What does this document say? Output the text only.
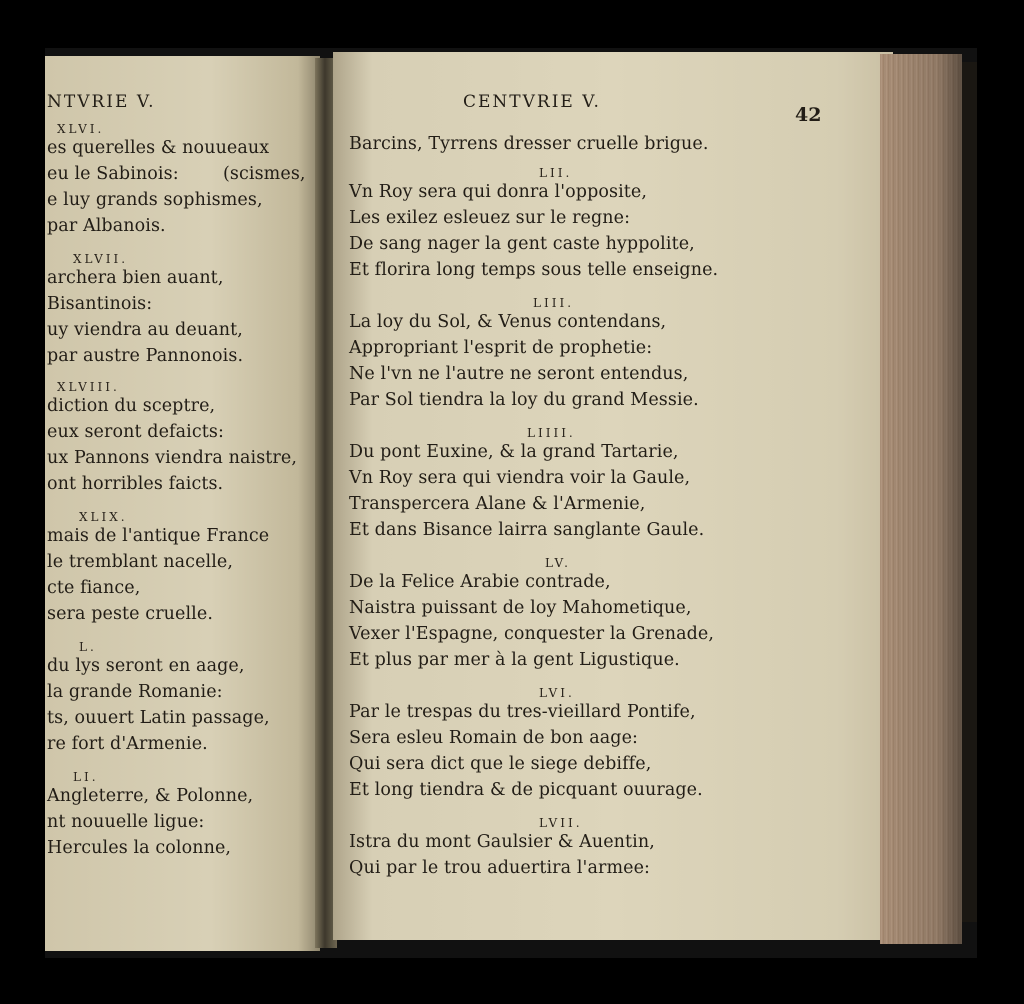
NTVRIE V.
XLVI.
es querelles & nouueaux
eu le Sabinois:	(scismes,
e luy grands sophismes,
par Albanois.
XLVII.
archera bien auant,
Bisantinois:
uy viendra au deuant,
par austre Pannonois.
XLVIII.
diction du sceptre,
eux seront defaicts:
ux Pannons viendra naistre,
ont horribles faicts.
XLIX.
mais de l'antique France
le tremblant nacelle,
cte fiance,
sera peste cruelle.
L.
du lys seront en aage,
la grande Romanie:
ts, ouuert Latin passage,
re fort d'Armenie.
LI.
Angleterre, & Polonne,
nt nouuelle ligue:
Hercules la colonne,
CENTVRIE V.
42
Barcins, Tyrrens dresser cruelle brigue.
LII.
Vn Roy sera qui donra l'opposite,
Les exilez esleuez sur le regne:
De sang nager la gent caste hyppolite,
Et florira long temps sous telle enseigne.
LIII.
La loy du Sol, & Venus contendans,
Appropriant l'esprit de prophetie:
Ne l'vn ne l'autre ne seront entendus,
Par Sol tiendra la loy du grand Messie.
LIIII.
Du pont Euxine, & la grand Tartarie,
Vn Roy sera qui viendra voir la Gaule,
Transpercera Alane & l'Armenie,
Et dans Bisance lairra sanglante Gaule.
LV.
De la Felice Arabie contrade,
Naistra puissant de loy Mahometique,
Vexer l'Espagne, conquester la Grenade,
Et plus par mer à la gent Ligustique.
LVI.
Par le trespas du tres-vieillard Pontife,
Sera esleu Romain de bon aage:
Qui sera dict que le siege debiffe,
Et long tiendra & de picquant ouurage.
LVII.
Istra du mont Gaulsier & Auentin,
Qui par le trou aduertira l'armee:
